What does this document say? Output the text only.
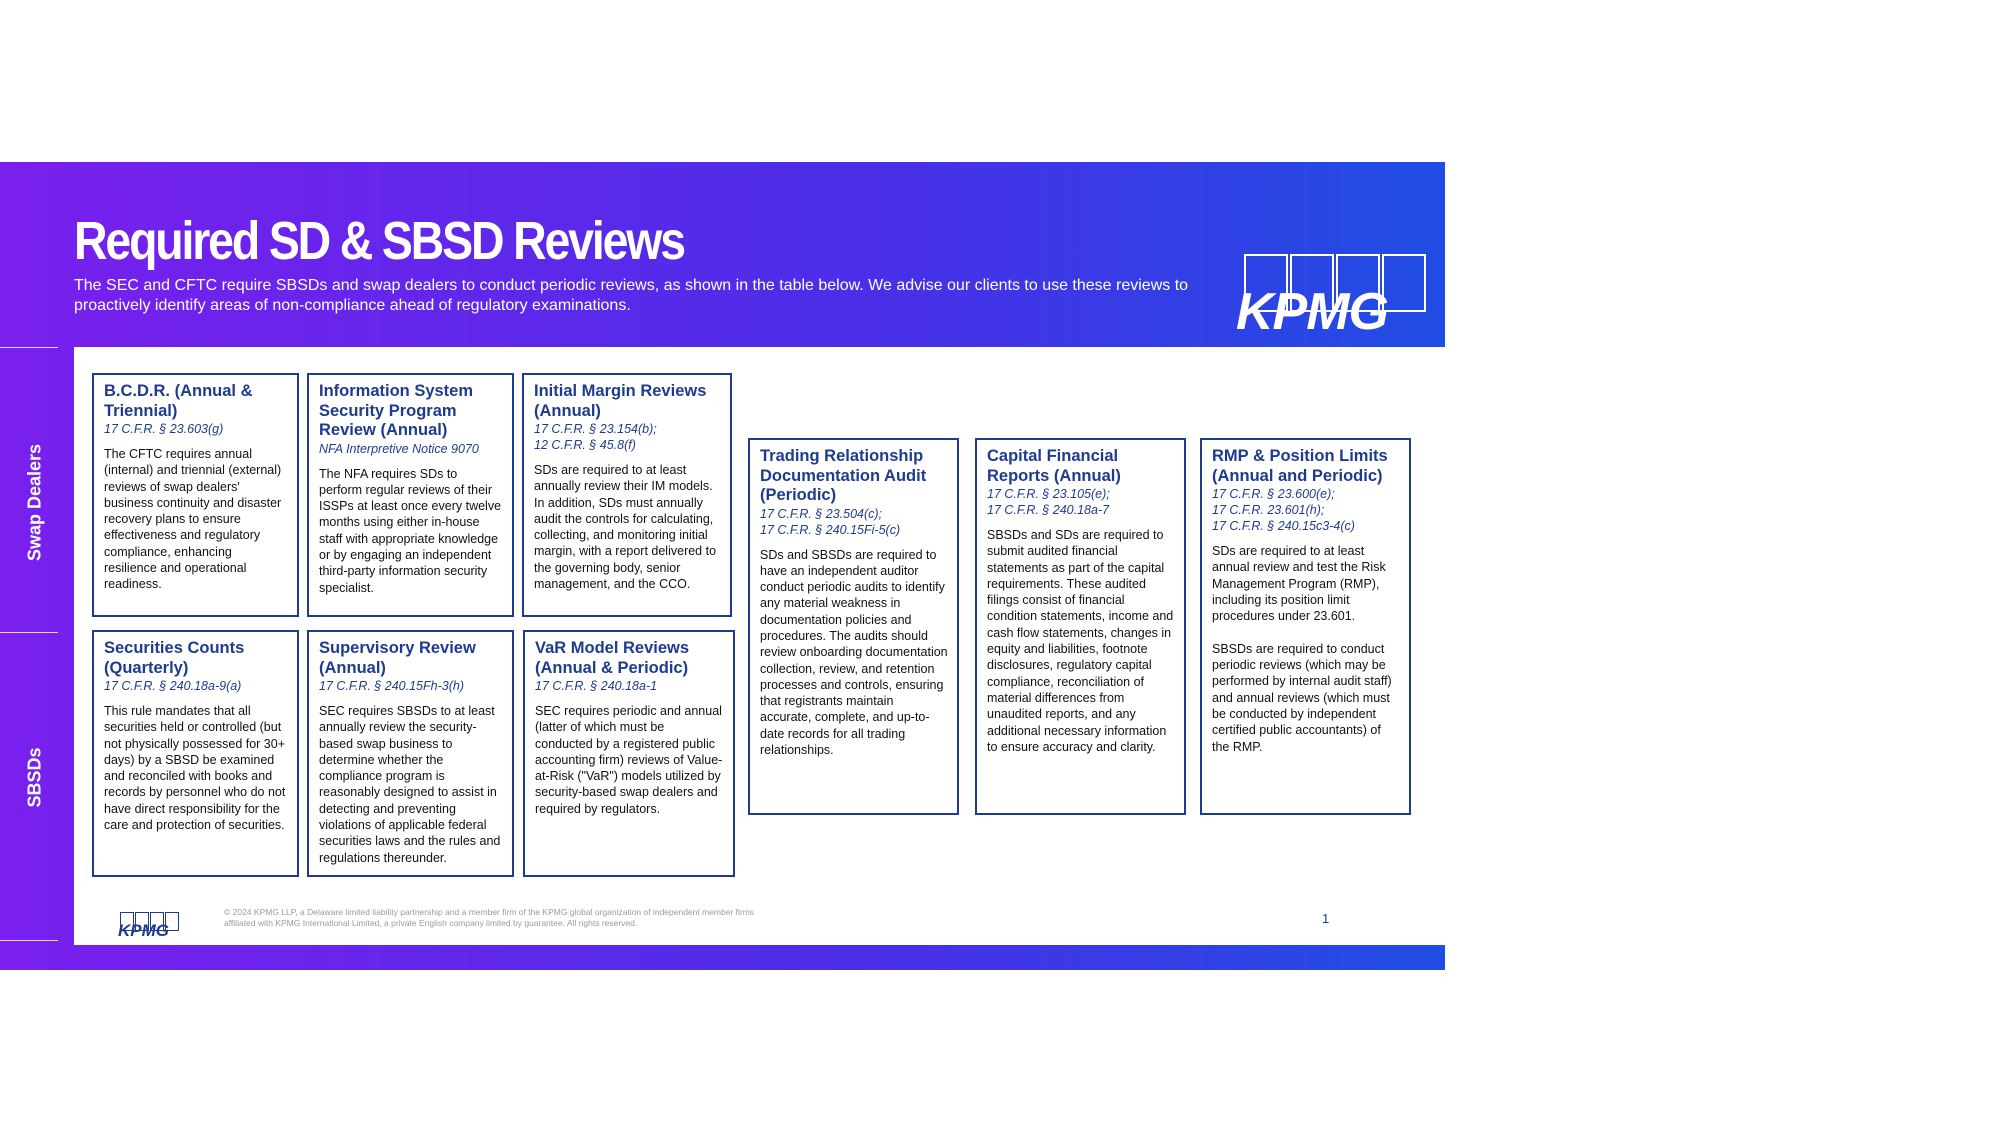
Required SD & SBSD Reviews

The SEC and CFTC require SBSDs and swap dealers to conduct periodic reviews, as shown in the table below. We advise our clients to use these reviews to proactively identify areas of non-compliance ahead of regulatory examinations.	KPMG
Swap Dealers
SBSDs
B.C.D.R. (Annual & Triennial)
17 C.F.R. § 23.603(g)

The CFTC requires annual (internal) and triennial (external) reviews of swap dealers' business continuity and disaster recovery plans to ensure effectiveness and regulatory compliance, enhancing resilience and operational readiness.

Information System Security Program Review (Annual)
NFA Interpretive Notice 9070

The NFA requires SDs to perform regular reviews of their ISSPs at least once every twelve months using either in-house staff with appropriate knowledge or by engaging an independent third-party information security specialist.

Initial Margin Reviews (Annual)
17 C.F.R. § 23.154(b);
12 C.F.R. § 45.8(f)

SDs are required to at least annually review their IM models. In addition, SDs must annually audit the controls for calculating, collecting, and monitoring initial margin, with a report delivered to the governing body, senior management, and the CCO.

Securities Counts (Quarterly)
17 C.F.R. § 240.18a-9(a)

This rule mandates that all securities held or controlled (but not physically possessed for 30+ days) by a SBSD be examined and reconciled with books and records by personnel who do not have direct responsibility for the care and protection of securities.

Supervisory Review (Annual)
17 C.F.R. § 240.15Fh-3(h)

SEC requires SBSDs to at least annually review the security-based swap business to determine whether the compliance program is reasonably designed to assist in detecting and preventing violations of applicable federal securities laws and the rules and regulations thereunder.

VaR Model Reviews (Annual & Periodic)
17 C.F.R. § 240.18a-1

SEC requires periodic and annual (latter of which must be conducted by a registered public accounting firm) reviews of Value-at-Risk ("VaR") models utilized by security-based swap dealers and required by regulators.

Trading Relationship Documentation Audit (Periodic)
17 C.F.R. § 23.504(c);
17 C.F.R. § 240.15Fi-5(c)

SDs and SBSDs are required to have an independent auditor conduct periodic audits to identify any material weakness in documentation policies and procedures. The audits should review onboarding documentation collection, review, and retention processes and controls, ensuring that registrants maintain accurate, complete, and up-to-date records for all trading relationships.

Capital Financial Reports (Annual)
17 C.F.R. § 23.105(e);
17 C.F.R. § 240.18a-7

SBSDs and SDs are required to submit audited financial statements as part of the capital requirements. These audited filings consist of financial condition statements, income and cash flow statements, changes in equity and liabilities, footnote disclosures, regulatory capital compliance, reconciliation of material differences from unaudited reports, and any additional necessary information to ensure accuracy and clarity.

RMP & Position Limits (Annual and Periodic)
17 C.F.R. § 23.600(e);
17 C.F.R. 23.601(h);
17 C.F.R. § 240.15c3-4(c)

SDs are required to at least annual review and test the Risk Management Program (RMP), including its position limit procedures under 23.601.

SBSDs are required to conduct periodic reviews (which may be performed by internal audit staff) and annual reviews (which must be conducted by independent certified public accountants) of the RMP.

KPMG

© 2024 KPMG LLP, a Delaware limited liability partnership and a member firm of the KPMG global organization of independent member firms affiliated with KPMG International Limited, a private English company limited by guarantee. All rights reserved.	1
